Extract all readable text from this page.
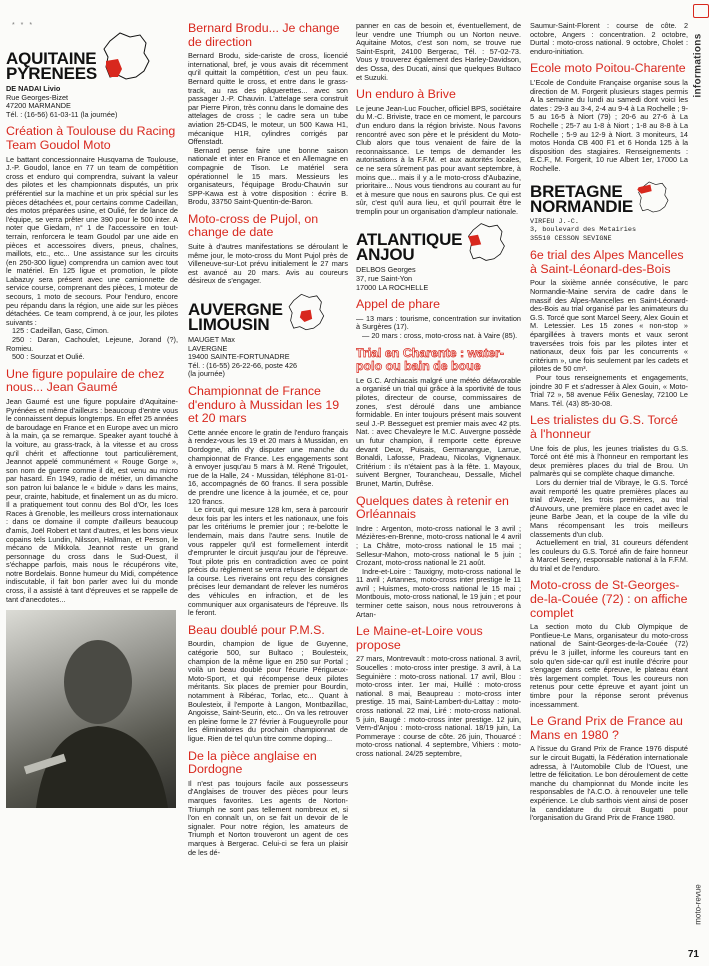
informations
moto-revue
71
* * *
AQUITAINE
PYRENEES
DE NADAI Livio
Rue Georges-Bizet
47200 MARMANDE
Tél. : (16-56) 61-03-11 (la journée)
Création à Toulouse du Racing Team Goudol Moto

Le battant concessionnaire Husqvarna de Toulouse, J.-P. Goudol, lance en 77 un team de compétition cross et enduro qui comprendra, suivant la valeur des pilotes et les championnats disputés, un prix préférentiel sur la machine et un prix spécial sur les pièces détachées et, pour certains comme Cadeillan, des motos préparées usine, et Oulié, fer de lance de l'équipe, se verra prêter une 390 pour le 500 inter. A noter que Giedam, n° 1 de l'accessoire en tout-terrain, renforcera le team Goudol par une aide en pièces et accessoires divers, pneus, chaînes, maillots, etc., etc... Une assistance sur les circuits (en 250-300 ligue) comprendra un camion avec tout le matériel. En 125 ligue et promotion, le pilote Labazuy sera présent avec une camionnette de service course, comprenant des pièces, 1 moteur de secours, 1 moto de secours. Pour l'enduro, encore peu répandu dans la région, une aide sur les pièces détachées. Ce team comprend, à ce jour, les pilotes suivants :

125 : Cadeillan, Gasc, Cimon.

250 : Daran, Cachoulet, Lejeune, Jorand (?), Romieu.

500 : Sourzat et Oulié.

Une figure populaire de chez nous... Jean Gaumé

Jean Gaumé est une figure populaire d'Aquitaine-Pyrénées et même d'ailleurs : beaucoup d'entre vous le connaissent depuis longtemps. En effet 25 années de baroudage en France et en Europe avec un micro à la main, ça se remarque. Speaker ayant touché à la voiture, au grass-track, à la vitesse et au cross qu'il chérit et affectionne tout particulièrement, Jeannot appelé communément « Rouge Gorge », son nom de guerre comme il dit, est venu au micro par hasard. En 1949, radio de métier, un dimanche son patron lui balance le « bidule » dans les mains, peur, crainte, habitude, et finalement un as du micro. Il a pratiquement tout connu des Bol d'Or, les Ices Races à Grenoble, les meilleurs cross internationaux : dans ce domaine il compte d'ailleurs beaucoup d'amis, Joël Robert et tant d'autres, et les bons vieux copains tels Lundin, Nilsson, Hallman, et Person, le mécano de Mikkola. Jeannot reste un grand personnage du cross dans le Sud-Ouest, il s'échappe parfois, mais nous le récupérons vite, notre Bordelais. Bonne humeur du Midi, compétence indiscutable, il fait bon parler avec lui du monde cross, il a assisté à tant d'épreuves et se rappelle de tant d'anecdotes...

Bernard Brodu... Je change de direction

Bernard Brodu, side-cariste de cross, licencié international, bref, je vous avais dit récemment qu'il quittait la compétition, c'est un peu faux. Bernard quitte le cross, et entre dans le grass-track, au ras des pâquerettes... avec son passager J.-P. Chauvin. L'attelage sera construit par Pierre Piron, très connu dans le domaine des attelages de cross ; le cadre sera un tube aviation 25-CD4S, le moteur, un 500 Kawa H1, mécanique H1R, cylindres corrigés par Offenstadt.

Bernard pense faire une bonne saison nationale et inter en France et en Allemagne en compagnie de Tison. Le matériel sera opérationnel le 15 mars. Messieurs les organisateurs, l'équipage Brodu-Chauvin sur SPP-Kawa est à votre disposition : écrire B. Brodu, 33750 Saint-Quentin-de-Baron.

Moto-cross de Pujol, on change de date

Suite à d'autres manifestations se déroulant le même jour, le moto-cross du Mont Pujol près de Villeneuve-sur-Lot prévu initialement le 27 mars est avancé au 20 mars. Avis au coureurs désireux de s'engager.

AUVERGNE
LIMOUSIN
MAUGET Max
LAVERGNE
19400 SAINTE-FORTUNADRE
Tél. : (16-55) 26-22-66, poste 426
(la journée)
Championnat de France d'enduro à Mussidan les 19 et 20 mars

Cette année encore le gratin de l'enduro français à rendez-vous les 19 et 20 mars à Mussidan, en Dordogne, afin d'y disputer une manche du championnat de France. Les engagements sont à envoyer jusqu'au 5 mars à M. René Trigoulet, rue de la Halle, 24 - Mussidan, téléphone 81-01-16, accompagnés de 60 francs. Il sera possible de prendre une licence à la journée, et ce, pour 120 francs.

Le circuit, qui mesure 128 km, sera à parcourir deux fois par les inters et les nationaux, une fois par les critériums le premier jour ; re-belotte le lendemain, mais dans l'autre sens. Inutile de vous rappeler qu'il est formellement interdit d'emprunter le circuit jusqu'au jour de l'épreuve. Tout pilote pris en contradiction avec ce point précis du règlement se verra refuser le départ de la course. Les riverains ont reçu des consignes précises leur demandant de relever les numéros des véhicules en infraction, et de les communiquer aux organisateurs de l'épreuve. Ils le feront.

Beau doublé pour P.M.S.

Bourdin, champion de ligue de Guyenne, catégorie 500, sur Bultaco ; Boulesteix, champion de la même ligue en 250 sur Portal ; voilà un beau doublé pour l'écurie Périgueux-Moto-Sport, et qui récompense deux pilotes méritants. Six places de premier pour Bourdin, notamment à Ribérac, Torlac, etc... Quant à Boulesteix, il l'emporte à Langon, Montbazillac, Angoisse, Saint-Seurin, etc... On va les retrouver en pleine forme le 27 février à Fougueyrolle pour les éliminatoires du prochain championnat de ligue. Rien de tel qu'un titre comme doping...

De la pièce anglaise en Dordogne

Il n'est pas toujours facile aux possesseurs d'Anglaises de trouver des pièces pour leurs marques favorites. Les agents de Norton-Triumph ne sont pas tellement nombreux et, si l'on en connaît un, on se fait un devoir de le signaler. Pour notre région, les amateurs de Triumph et Norton trouveront un agent de ces marques à Bergerac. Celui-ci se fera un plaisir de les dé-

panner en cas de besoin et, éventuellement, de leur vendre une Triumph ou un Norton neuve. Aquitaine Motos, c'est son nom, se trouve rue Saint-Esprit, 24100 Bergerac, Tél. : 57-02-73. Vous y trouverez également des Harley-Davidson, des Ossa, des Ducati, ainsi que quelques Bultaco et Suzuki.

Un enduro à Brive

Le jeune Jean-Luc Foucher, officiel BPS, sociétaire du M.-C. Briviste, trace en ce moment, le parcours d'un enduro dans la région briviste. Nous l'avons rencontré avec son père et le président du Moto-Club alors que tous venaient de faire de la reconnaissance. Le temps de demander les autorisations à la F.F.M. et aux autorités locales, ce ne sera sûrement pas pour avant septembre, à moins que... mais il y a le moto-cross d'Aubazine, prioritaire... Nous vous tiendrons au courant au fur et à mesure que nous en saurons plus. Ce qui est sûr, c'est qu'il aura lieu, et qu'il pourrait être le tremplin pour un organisation d'ampleur nationale.

ATLANTIQUE
ANJOU
DELBOS Georges
37, rue Saint-Yon
17000 LA ROCHELLE
Appel de phare

— 13 mars : tourisme, concentration sur invitation à Surgères (17).

— 20 mars : cross, moto-cross nat. à Vaire (85).

Trial en Charente : water-polo ou bain de boue

Le G.C. Archiacais malgré une météo défavorable a organisé un trial qui grâce à la sportivité de tous pilotes, directeur de course, commissaires de zones, s'est déroulé dans une ambiance formidable. En inter toujours présent mais souvent seul J.-P. Besseguet est premier mais avec 42 pts. Nat. : avec Chevaleyre le M.C. Auvergne possède un futur champion, il remporte cette épreuve devant Deux, Puisais, Germanangue, Larrue, Bonaldi, Lafosse, Pradeau, Nicolas, Vignenaux. Critérium : ils n'étaient pas à la fête. 1. Mayoux, suivent Bergner, Tourancheau, Dessalle, Michel Brunet, Martin, Dufrêse.

Quelques dates à retenir en Orléannais

Indre : Argenton, moto-cross national le 3 avril ; Mézières-en-Brenne, moto-cross national le 4 avril ; La Châtre, moto-cross national le 15 mai ; Sellesur-Mahon, moto-cross national le 5 juin ; Crozant, moto-cross national le 21 août.

Indre-et-Loire : Tauxigny, moto-cross national le 11 avril ; Artannes, moto-cross inter prestige le 11 avril ; Huismes, moto-cross national le 15 mai ; Montbouis, moto-cross national, le 19 juin ; et pour terminer cette saison, nous nous retrouverons à Artan-

Le Maine-et-Loire vous propose

27 mars, Montrevault : moto-cross national. 3 avril, Soucelles : moto-cross inter prestige. 3 avril, à La Seguinière : moto-cross national. 17 avril, Blou : moto-cross inter. 1er mai, Huillé : moto-cross national. 8 mai, Beaupreau : moto-cross inter prestige. 15 mai, Saint-Lambert-du-Lattay : moto-cross national. 22 mai, Liré : moto-cross national. 5 juin, Baugé : moto-cross inter prestige. 12 juin, Vern-d'Anjou : moto-cross national. 18/19 juin, La Pommeraye : course de côte. 26 juin, Thouarcé : moto-cross national. 4 septembre, Vihiers : moto-cross national. 24/25 septembre,

Saumur-Saint-Florent : course de côte. 2 octobre, Angers : concentration. 2 octobre, Durtal : moto-cross national. 9 octobre, Cholet : enduro-initiation.

Ecole moto Poitou-Charente

L'Ecole de Conduite Française organise sous la direction de M. Forgerit plusieurs stages permis A la semaine du lundi au samedi dont voici les dates : 29-3 au 3-4, 2-4 au 9-4 à La Rochelle ; 9-5 au 16-5 à Niort (79) ; 20-6 au 27-6 à La Rochelle ; 25-7 au 1-8 à Niort ; 1-8 au 8-8 à La Rochelle ; 5-9 au 12-9 à Niort. 3 moniteurs, 14 motos Honda CB 400 F1 et 6 Honda 125 à la disposition des stagiaires. Renseignements : E.C.F., M. Forgerit, 10 rue Albert 1er, 17000 La Rochelle.

BRETAGNE
NORMANDIE
VIRFEU J.-C.
3, boulevard des Metairies
35510 CESSON SEVIGNE
6e trial des Alpes Mancelles à Saint-Léonard-des-Bois

Pour la sixième année consécutive, le parc Normandie-Maine servira de cadre dans le massif des Alpes-Mancelles en Saint-Léonard-des-Bois au trial organisé par les animateurs du G.S. Torcé que sont Marcel Seery, Alex Gouin et M. Letessier. Les 15 zones « non-stop » épargillées à travers monts et vaux seront traversées trois fois par les pilotes inter et nationaux, deux fois par les concurrents « critérium », une fois seulement par les cadets et pilotes de 50 cm³.

Pour tous renseignements et engagements, joindre 30 F et s'adresser à Alex Gouin, « Moto-Trial 72 », 58 avenue Félix Geneslay, 72100 Le Mans. Tél. (43) 85-30-08.

Les trialistes du G.S. Torcé à l'honneur

Une fois de plus, les jeunes trialistes du G.S. Torcé ont été mis à l'honneur en remportant les deux premières places du trial de Brou. Un palmarès qui se complète chaque dimanche.

Lors du dernier trial de Vibraye, le G.S. Torcé avait remporté les quatre premières places au trial d'Avezé, les trois premières, au trial d'Auvours, une première place en cadet avec le jeune Barbe Jean, et la coupe de la ville du Mans récompensant les trois meilleurs classements d'un club.

Actuellement en trial, 31 coureurs défendent les couleurs du G.S. Torcé afin de faire honneur à Marcel Seery, responsable national à la F.F.M. du trial et de l'enduro.

Moto-cross de St-Georges-de-la-Couée (72) : on affiche complet

La section moto du Club Olympique de Pontlieue-Le Mans, organisateur du moto-cross national de Saint-Georges-de-la-Couée (72) prévu le 3 juillet, informe les coureurs tant en solo qu'en side-car qu'il est inutile d'écrire pour s'engager dans cette épreuve, le plateau étant très largement complet. Tous les coureurs non retenus pour cette épreuve et ayant joint un timbre pour la réponse seront prévenus incessamment.

Le Grand Prix de France au Mans en 1980 ?

A l'issue du Grand Prix de France 1976 disputé sur le circuit Bugatti, la Fédération internationale adressa, à l'Automobile Club de l'Ouest, une lettre de félicitation. Le bon déroulement de cette manche du championnat du Monde incite les responsables de l'A.C.O. à renouveler une telle expérience. Le club sarthois vient ainsi de poser la candidature du circuit Bugatti pour l'organisation du Grand Prix de France 1980.
